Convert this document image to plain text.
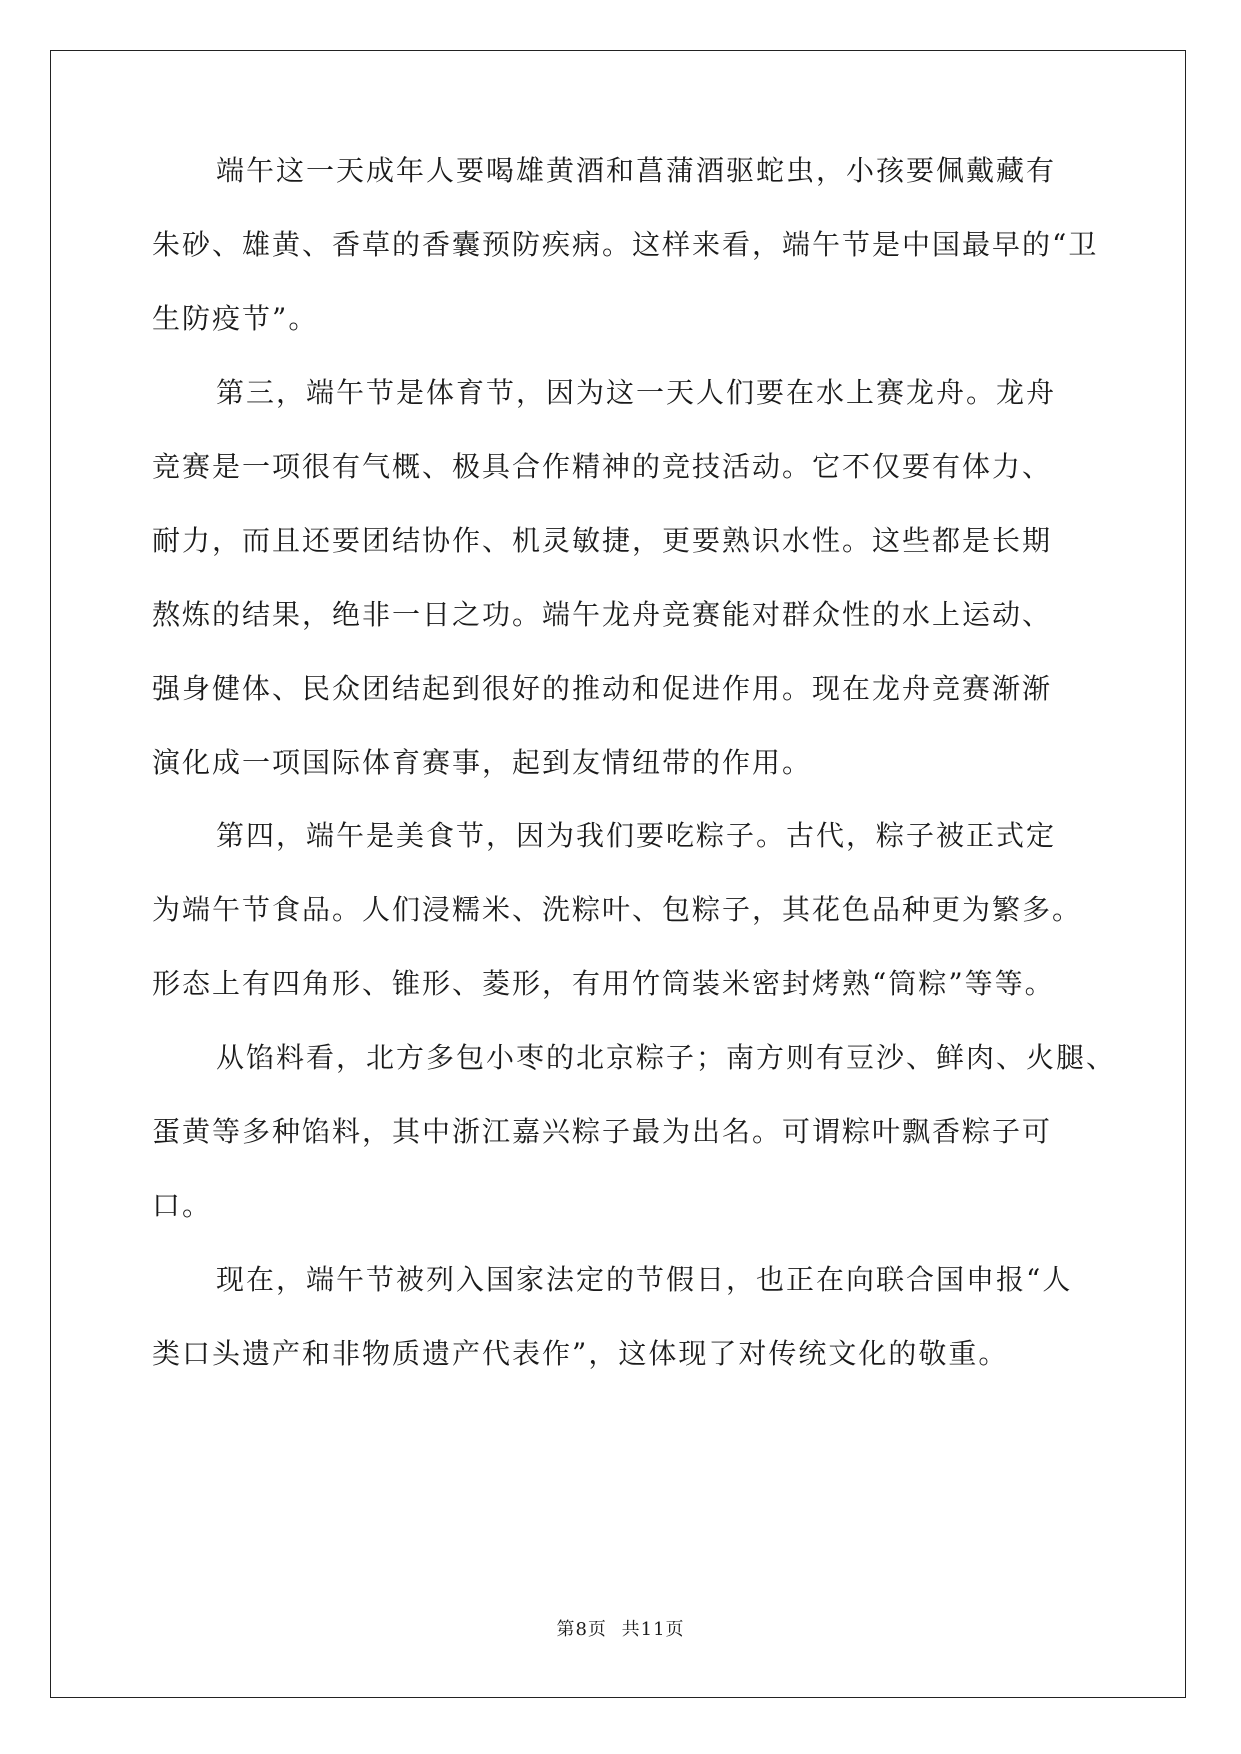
端午这一天成年人要喝雄黄酒和菖蒲酒驱蛇虫，小孩要佩戴藏有
朱砂、雄黄、香草的香囊预防疾病。这样来看，端午节是中国最早的“卫
生防疫节”。
第三，端午节是体育节，因为这一天人们要在水上赛龙舟。龙舟
竞赛是一项很有气概、极具合作精神的竞技活动。它不仅要有体力、
耐力，而且还要团结协作、机灵敏捷，更要熟识水性。这些都是长期
熬炼的结果，绝非一日之功。端午龙舟竞赛能对群众性的水上运动、
强身健体、民众团结起到很好的推动和促进作用。现在龙舟竞赛渐渐
演化成一项国际体育赛事，起到友情纽带的作用。
第四，端午是美食节，因为我们要吃粽子。古代，粽子被正式定
为端午节食品。人们浸糯米、洗粽叶、包粽子，其花色品种更为繁多。
形态上有四角形、锥形、菱形，有用竹筒装米密封烤熟“筒粽”等等。
从馅料看，北方多包小枣的北京粽子；南方则有豆沙、鲜肉、火腿、
蛋黄等多种馅料，其中浙江嘉兴粽子最为出名。可谓粽叶飘香粽子可
口。
现在，端午节被列入国家法定的节假日，也正在向联合国申报“人
类口头遗产和非物质遗产代表作”，这体现了对传统文化的敬重。
第8页 共11页
